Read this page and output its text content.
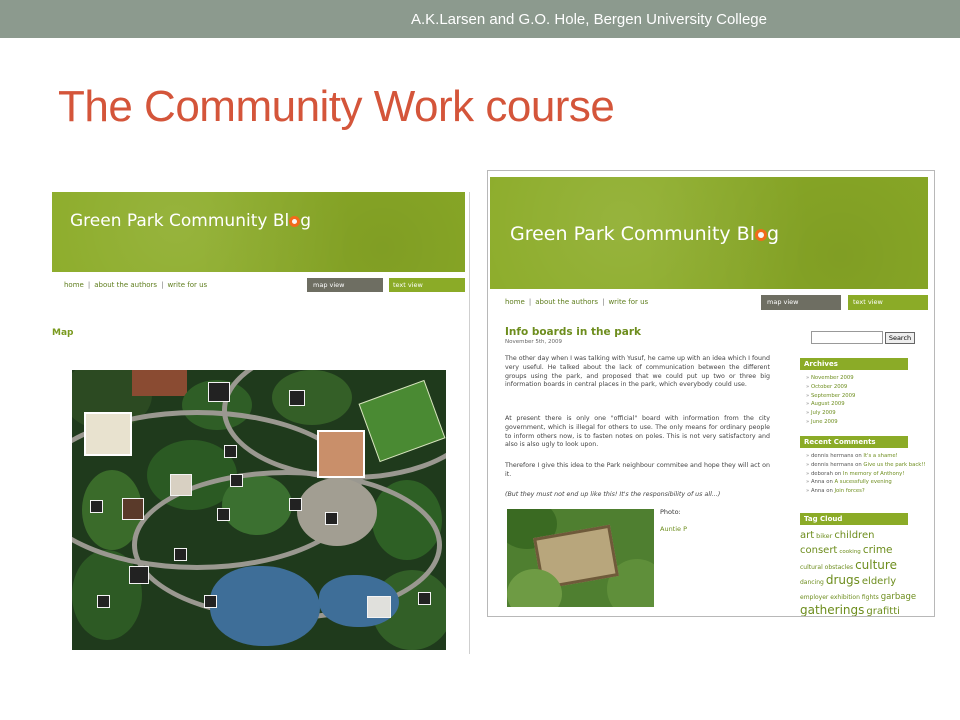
A.K.Larsen and G.O. Hole, Bergen University College
The Community Work course
Green Park Community Bl g
home | about the authors | write for us	map view	text view
Map
Green Park Community Bl g
home | about the authors | write for us	map view	text view
Info boards in the park
November 5th, 2009
The other day when I was talking with Yusuf, he came up with an idea which I found very useful. He talked about the lack of communication between the different groups using the park, and proposed that we could put up two or three big information boards in central places in the park, which everybody could use.
At present there is only one "official" board with information from the city government, which is illegal for others to use. The only means for ordinary people to inform others now, is to fasten notes on poles. This is not very satisfactory and also is also ugly to look upon.
Therefore I give this idea to the Park neighbour commitee and hope they will act on it.
(But they must not end up like this! It's the responsibility of us all...)
Photo:
Auntie P
Search
Archives
» November 2009
» October 2009
» September 2009
» August 2009
» July 2009
» June 2009
Recent Comments
» dennis hermans on It's a shame!
» dennis hermans on Give us the park back!!
» deborah on In memory of Anthony!
» Anna on A sucessfully evening
» Anna on Join forces?
Tag Cloud
art biker children
consert cooking crime
cultural obstacles culture
dancing drugs elderly
employer exhibition fights garbage
gatherings grafitti
